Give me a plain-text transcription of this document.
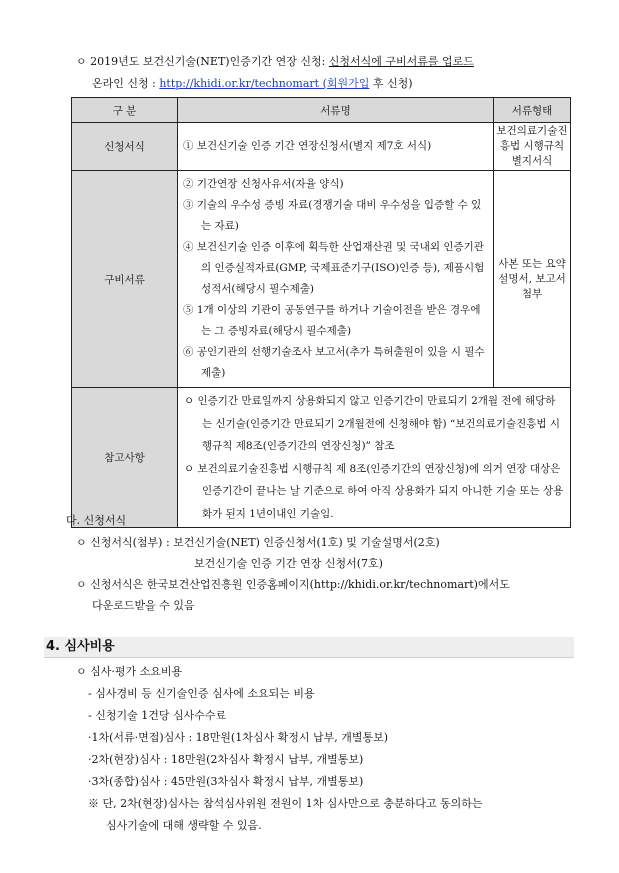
ㅇ 2019년도 보건신기술(NET)인증기간 연장 신청: 신청서식에 구비서류를 업로드
온라인 신청 : http://khidi.or.kr/technomart (회원가입 후 신청)
구 분	서류명	서류형태
신청서식	① 보건신기술 인증 기간 연장신청서(별지 제7호 서식)	보건의료기술진흥법 시행규칙 별지서식
구비서류	② 기간연장 신청사유서(자율 양식)
③ 기술의 우수성 증빙 자료(경쟁기술 대비 우수성을 입증할 수 있는 자료)
④ 보건신기술 인증 이후에 획득한 산업재산권 및 국내외 인증기관의 인증실적자료(GMP, 국제표준기구(ISO)인증 등), 제품시험성적서(해당시 필수제출)
⑤ 1개 이상의 기관이 공동연구를 하거나 기술이전을 받은 경우에는 그 증빙자료(해당시 필수제출)
⑥ 공인기관의 선행기술조사 보고서(추가 특허출원이 있을 시 필수제출)	사본 또는 요약설명서, 보고서 첨부
참고사항	ㅇ 인증기간 만료일까지 상용화되지 않고 인증기간이 만료되기 2개월 전에 해당하는 신기술(인증기간 만료되기 2개월전에 신청해야 함) “보건의료기술진흥법 시행규칙 제8조(인증기간의 연장신청)” 참조
ㅇ 보건의료기술진흥법 시행규칙 제 8조(인증기간의 연장신청)에 의거 연장 대상은 인증기간이 끝나는 날 기준으로 하여 아직 상용화가 되지 아니한 기술 또는 상용화가 된지 1년이내인 기술임.	
다. 신청서식
ㅇ 신청서식(첨부) : 보건신기술(NET) 인증신청서(1호) 및 기술설명서(2호)
보건신기술 인증 기간 연장 신청서(7호)
ㅇ 신청서식은 한국보건산업진흥원 인증홈페이지(http://khidi.or.kr/technomart)에서도
다운로드받을 수 있음
4. 심사비용
ㅇ 심사·평가 소요비용
- 심사경비 등 신기술인증 심사에 소요되는 비용
- 신청기술 1건당 심사수수료
·1차(서류·면접)심사 : 18만원(1차심사 확정시 납부, 개별통보)
·2차(현장)심사 : 18만원(2차심사 확정시 납부, 개별통보)
·3차(종합)심사 : 45만원(3차심사 확정시 납부, 개별통보)
※ 단, 2차(현장)심사는 참석심사위원 전원이 1차 심사만으로 충분하다고 동의하는
심사기술에 대해 생략할 수 있음.
